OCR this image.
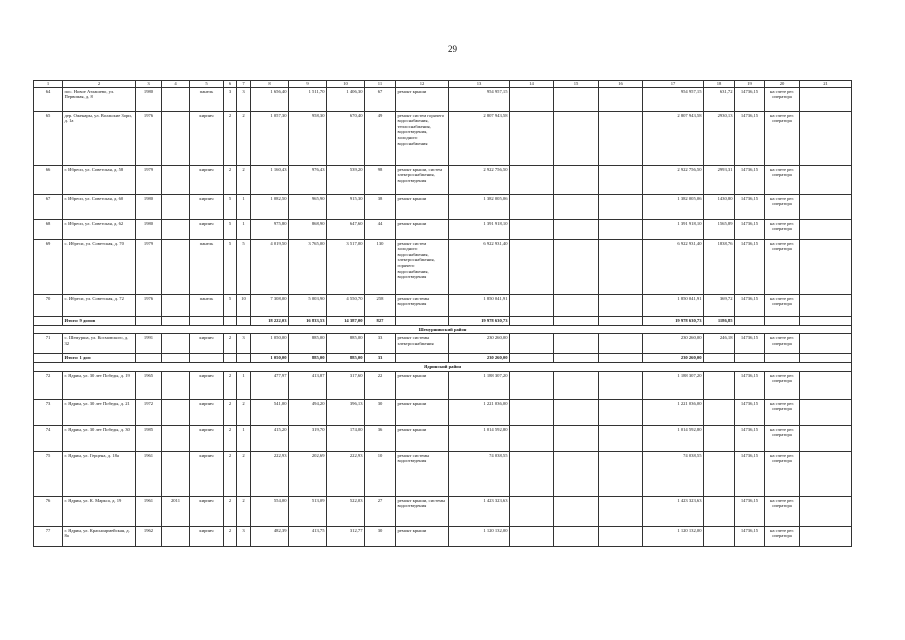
29
1	2	3	4	5	6	7	8	9	10	11	12	13	14	15	16	17	18	19	20	21
64	пос. Новое Атлашево, ул. Первомая, д. 8	1980		панель	3	3	1 656,40	1 511,70	1 406,30	67	ремонт крыши	954 957,15				954 957,15	631,72	14736,15	на счете рег. оператора	
65	дер. Оженары, ул. Волжские Зори, д. 1а	1976		кирпич	2	2	1 057,30	958,30	670,40	49	ремонт систем горячего водоснабжения, теплоснабжения, водоотведения, холодного водоснабжения	2 807 943,58				2 807 943,58	2930,13	14736,15	на счете рег. оператора	
66	г. Ибреси, ул. Советская, д. 58	1979		кирпич	2	2	1 160,43	976,43	539,20	98	ремонт крыши, систем электроснабжения, водоотведения	2 922 756,50				2 922 756,50	2993,31	14736,15	на счете рег. оператора	
67	г. Ибреси, ул. Советская, д. 60	1980		кирпич	5	1	1 082,50	965,90	915,30	38	ремонт крыши	1 382 005,06				1 382 005,06	1430,80	14736,15	на счете рег. оператора	
68	г. Ибреси, ул. Советская, д. 62	1980		кирпич	5	1	975,80	868,90	647,60	44	ремонт крыши	1 391 918,10				1 391 918,10	1565,89	14736,15	на счете рег. оператора	
69	с. Ибреси, ул. Советская, д. 70	1979		панель	5	5	4 019,50	3 765,00	3 517,00	130	ремонт систем холодного водоснабжения, электроснабжения, горячего водоснабжения, водоотведения	6 922 931,40				6 922 931,40	1838,76	14736,15	на счете рег. оператора	
70	с. Ибреси, ул. Советская, д. 72	1976		панель	5	10	7 308,00	5 003,90	4 550,70	258	ремонт системы водоотведения	1 850 041,91				1 850 041,91	369,72	14736,15	на счете рег. оператора	
	Итого: 9 домов						18 222,03	16 833,53	14 387,00	827		19 978 630,73				19 978 630,73	1186,85			
Шемуршинский район																				
71	с. Шемурша, ул. Космовского, д. 32	1991		кирпич	2	3	1 050,00	885,00	885,00	33	ремонт системы электроснабжения	230 260,00				230 260,00	246,18	14736,15	на счете рег. оператора	
	Итого: 1 дом						1 050,00	885,00	885,00	33		230 260,00				230 260,00				
Ядринский район																				
72	г. Ядрин, ул. 30 лет Победы, д. 19	1965		кирпич	2	1	477,97	413,87	317,60	22	ремонт крыши	1 188 307,20				1 188 307,20		14736,15	на счете рег. оператора	
73	г. Ядрин, ул. 30 лет Победы, д. 21	1972		кирпич	2	2	541,00	494,20	396,13	30	ремонт крыши	1 221 036,00				1 221 036,00		14736,15	на счете рег. оператора	
74	г. Ядрин, ул. 30 лет Победы, д. 30	1985		кирпич	2	1	415,20	319,70	174,00	36	ремонт крыши	1 014 592,80				1 014 592,80		14736,15	на счете рег. оператора	
75	г. Ядрин, ул. Герцена, д. 18а	1961		кирпич	2	2	222,93	202,69	222,93	10	ремонт системы водоотведения	74 038,55				74 038,55		14736,15	на счете рег. оператора	
76	г. Ядрин, ул. К. Маркса, д. 19	1961	2011	кирпич	2	2	554,00	513,09	522,03	27	ремонт крыши, системы водоотведения	1 423 323,63				1 423 323,63		14736,15	на счете рег. оператора	
77	г. Ядрин, ул. Красноармейская, д. 8а	1962		кирпич	2	3	482,39	413,75	312,77	30	ремонт крыши	1 120 132,00				1 120 132,00		14736,15	на счете рег. оператора	
